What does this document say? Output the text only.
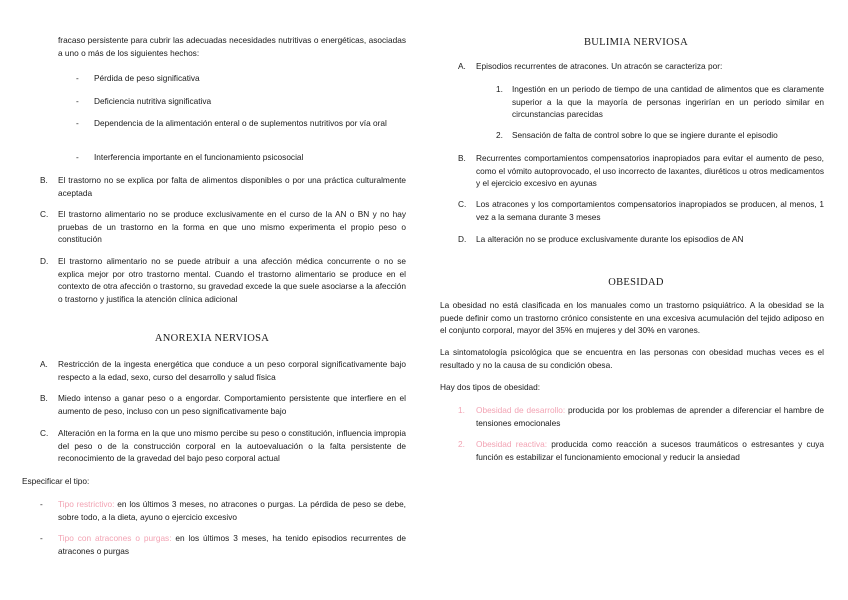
fracaso persistente para cubrir las adecuadas necesidades nutritivas o energéticas, asociadas a uno o más de los siguientes hechos:

- Pérdida de peso significativa

- Deficiencia nutritiva significativa

- Dependencia de la alimentación enteral o de suplementos nutritivos por vía oral

- Interferencia importante en el funcionamiento psicosocial

B. El trastorno no se explica por falta de alimentos disponibles o por una práctica culturalmente aceptada

C. El trastorno alimentario no se produce exclusivamente en el curso de la AN o BN y no hay pruebas de un trastorno en la forma en que uno mismo experimenta el propio peso o constitución

D. El trastorno alimentario no se puede atribuir a una afección médica concurrente o no se explica mejor por otro trastorno mental. Cuando el trastorno alimentario se produce en el contexto de otra afección o trastorno, su gravedad excede la que suele asociarse a la afección o trastorno y justifica la atención clínica adicional

ANOREXIA NERVIOSA
A. Restricción de la ingesta energética que conduce a un peso corporal significativamente bajo respecto a la edad, sexo, curso del desarrollo y salud física

B. Miedo intenso a ganar peso o a engordar. Comportamiento persistente que interfiere en el aumento de peso, incluso con un peso significativamente bajo

C. Alteración en la forma en la que uno mismo percibe su peso o constitución, influencia impropia del peso o de la construcción corporal en la autoevaluación o la falta persistente de reconocimiento de la gravedad del bajo peso corporal actual

Especificar el tipo:

- Tipo restrictivo: en los últimos 3 meses, no atracones o purgas. La pérdida de peso se debe, sobre todo, a la dieta, ayuno o ejercicio excesivo

- Tipo con atracones o purgas: en los últimos 3 meses, ha tenido episodios recurrentes de atracones o purgas

BULIMIA NERVIOSA
A. Episodios recurrentes de atracones. Un atracón se caracteriza por:

1. Ingestión en un periodo de tiempo de una cantidad de alimentos que es claramente superior a la que la mayoría de personas ingerirían en un periodo similar en circunstancias parecidas

2. Sensación de falta de control sobre lo que se ingiere durante el episodio

B. Recurrentes comportamientos compensatorios inapropiados para evitar el aumento de peso, como el vómito autoprovocado, el uso incorrecto de laxantes, diuréticos u otros medicamentos y el ejercicio excesivo en ayunas

C. Los atracones y los comportamientos compensatorios inapropiados se producen, al menos, 1 vez a la semana durante 3 meses

D. La alteración no se produce exclusivamente durante los episodios de AN

OBESIDAD

La obesidad no está clasificada en los manuales como un trastorno psiquiátrico. A la obesidad se la puede definir como un trastorno crónico consistente en una excesiva acumulación del tejido adiposo en el conjunto corporal, mayor del 35% en mujeres y del 30% en varones.

La sintomatología psicológica que se encuentra en las personas con obesidad muchas veces es el resultado y no la causa de su condición obesa.

Hay dos tipos de obesidad:

1. Obesidad de desarrollo: producida por los problemas de aprender a diferenciar el hambre de tensiones emocionales

2. Obesidad reactiva: producida como reacción a sucesos traumáticos o estresantes y cuya función es estabilizar el funcionamiento emocional y reducir la ansiedad
